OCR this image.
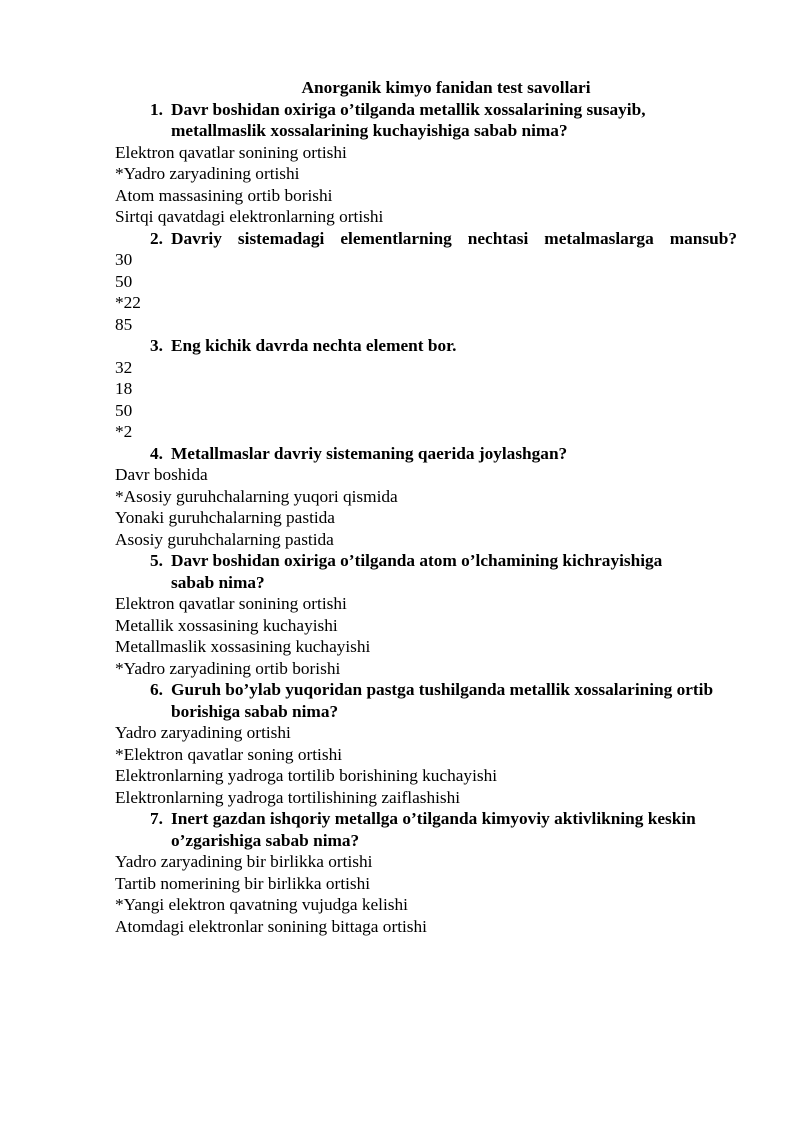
Anorganik kimyo fanidan test savollari

1. Davr boshidan oxiriga o’tilganda metallik xossalarining susayib, metallmaslik xossalarining kuchayishiga sabab nima?

Elektron qavatlar sonining ortishi
*Yadro zaryadining ortishi
Atom massasining ortib borishi
Sirtqi qavatdagi elektronlarning ortishi

2. Davriy sistemadagi elementlarning nechtasi metalmaslarga mansub?

30
50
*22
85

3. Eng kichik davrda nechta element bor.

32
18
50
*2

4. Metallmaslar davriy sistemaning qaerida joylashgan?

Davr boshida
*Asosiy guruhchalarning yuqori qismida
Yonaki guruhchalarning pastida
Asosiy guruhchalarning pastida

5. Davr boshidan oxiriga o’tilganda atom o’lchamining kichrayishiga sabab nima?

Elektron qavatlar sonining ortishi
Metallik xossasining kuchayishi
Metallmaslik xossasining kuchayishi
*Yadro zaryadining ortib borishi

6. Guruh bo’ylab yuqoridan pastga tushilganda metallik xossalarining ortib borishiga sabab nima?

Yadro zaryadining ortishi
*Elektron qavatlar soning ortishi
Elektronlarning yadroga tortilib borishining kuchayishi
Elektronlarning yadroga tortilishining zaiflashishi

7. Inert gazdan ishqoriy metallga o’tilganda kimyoviy aktivlikning keskin o’zgarishiga sabab nima?

Yadro zaryadining bir birlikka ortishi
Tartib nomerining bir birlikka ortishi
*Yangi elektron qavatning vujudga kelishi
Atomdagi elektronlar sonining bittaga ortishi
